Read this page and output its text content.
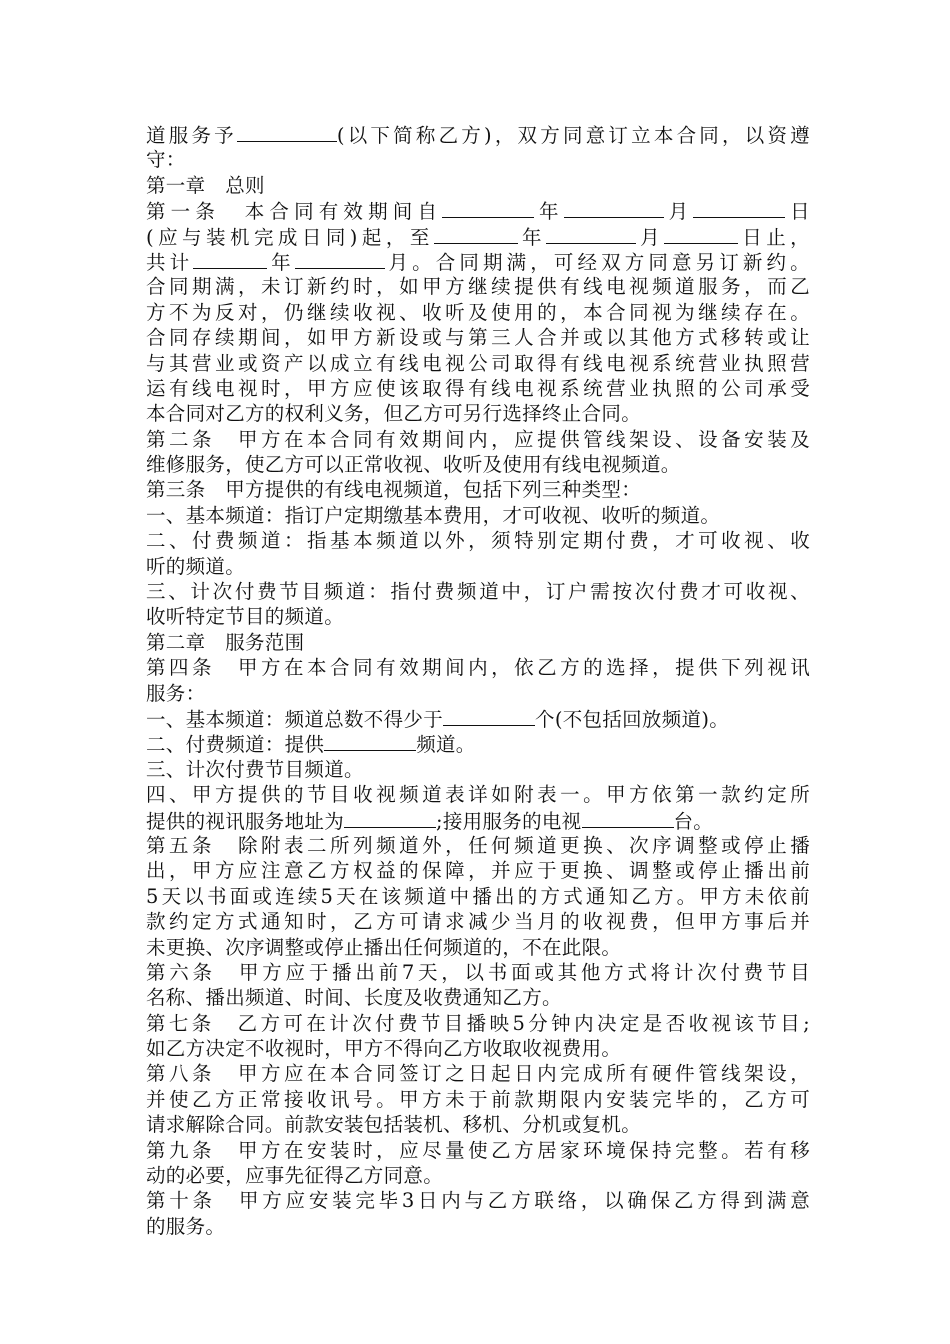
道服务予	(以下简称乙方)，双方同意订立本合同，以资遵
守：
第一章　总则
第一条　本合同有效期间自	年	月	日
(应与装机完成日同)起，至	年	月	日止，
共计	年	月。合同期满，可经双方同意另订新约。
合同期满，未订新约时，如甲方继续提供有线电视频道服务，而乙
方不为反对，仍继续收视、收听及使用的，本合同视为继续存在。
合同存续期间，如甲方新设或与第三人合并或以其他方式移转或让
与其营业或资产以成立有线电视公司取得有线电视系统营业执照营
运有线电视时，甲方应使该取得有线电视系统营业执照的公司承受
本合同对乙方的权利义务，但乙方可另行选择终止合同。
第二条　甲方在本合同有效期间内，应提供管线架设、设备安装及
维修服务，使乙方可以正常收视、收听及使用有线电视频道。
第三条　甲方提供的有线电视频道，包括下列三种类型：
一、基本频道：指订户定期缴基本费用，才可收视、收听的频道。
二、付费频道：指基本频道以外，须特别定期付费，才可收视、收
听的频道。
三、计次付费节目频道：指付费频道中，订户需按次付费才可收视、
收听特定节目的频道。
第二章　服务范围
第四条　甲方在本合同有效期间内，依乙方的选择，提供下列视讯
服务：
一、基本频道：频道总数不得少于	个(不包括回放频道)。
二、付费频道：提供	频道。
三、计次付费节目频道。
四、甲方提供的节目收视频道表详如附表一。甲方依第一款约定所
提供的视讯服务地址为	;接用服务的电视	台。
第五条　除附表二所列频道外，任何频道更换、次序调整或停止播
出，甲方应注意乙方权益的保障，并应于更换、调整或停止播出前
5天以书面或连续5天在该频道中播出的方式通知乙方。甲方未依前
款约定方式通知时，乙方可请求减少当月的收视费，但甲方事后并
未更换、次序调整或停止播出任何频道的，不在此限。
第六条　甲方应于播出前7天，以书面或其他方式将计次付费节目
名称、播出频道、时间、长度及收费通知乙方。
第七条　乙方可在计次付费节目播映5分钟内决定是否收视该节目;
如乙方决定不收视时，甲方不得向乙方收取收视费用。
第八条　甲方应在本合同签订之日起日内完成所有硬件管线架设，
并使乙方正常接收讯号。甲方未于前款期限内安装完毕的，乙方可
请求解除合同。前款安装包括装机、移机、分机或复机。
第九条　甲方在安装时，应尽量使乙方居家环境保持完整。若有移
动的必要，应事先征得乙方同意。
第十条　甲方应安装完毕3日内与乙方联络，以确保乙方得到满意
的服务。
